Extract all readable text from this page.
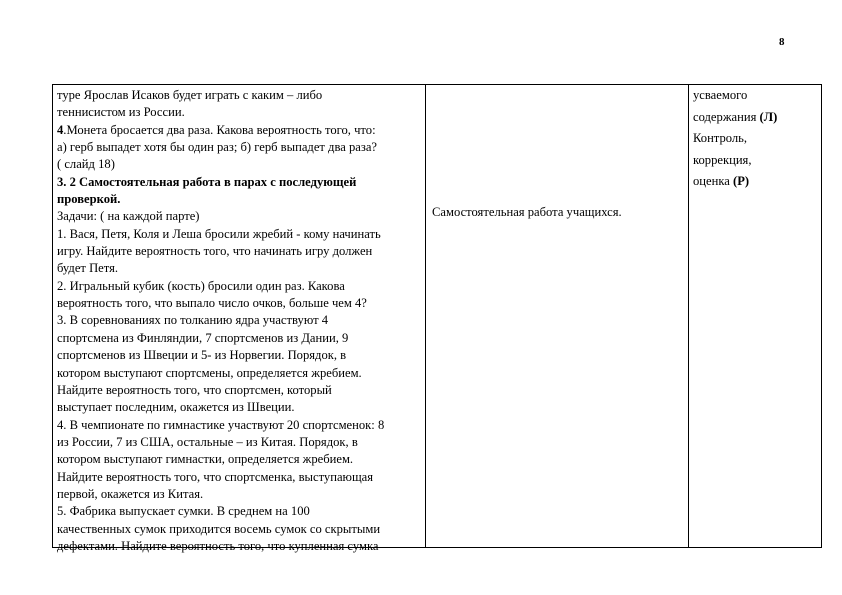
8
туре Ярослав Исаков будет играть с каким – либо
теннисистом из России.
4.Монета бросается два раза. Какова вероятность того, что:
а) герб выпадет хотя бы один раз; б) герб выпадет два раза?
( слайд 18)
3. 2 Самостоятельная работа в парах с последующей
проверкой.
Задачи: ( на каждой парте)
1. Вася, Петя, Коля и Леша бросили жребий - кому начинать
игру. Найдите вероятность того, что начинать игру должен
будет Петя.
2. Игральный кубик (кость) бросили один раз. Какова
вероятность того, что выпало число очков, больше чем 4?
3. В соревнованиях по толканию ядра участвуют 4
спортсмена из Финляндии, 7 спортсменов из Дании, 9
спортсменов из Швеции и 5- из Норвегии. Порядок, в
котором выступают спортсмены, определяется жребием.
Найдите вероятность того, что спортсмен, который
выступает последним, окажется из Швеции.
4. В чемпионате по гимнастике участвуют 20 спортсменок: 8
из России, 7 из США, остальные – из Китая. Порядок, в
котором выступают гимнастки, определяется жребием.
Найдите вероятность того, что спортсменка, выступающая
первой, окажется из Китая.
5. Фабрика выпускает сумки. В среднем на 100
качественных сумок приходится восемь сумок со скрытыми
дефектами. Найдите вероятность того, что купленная сумка
Самостоятельная работа учащихся.
усваемого
содержания (Л)
Контроль,
коррекция,
оценка (Р)
